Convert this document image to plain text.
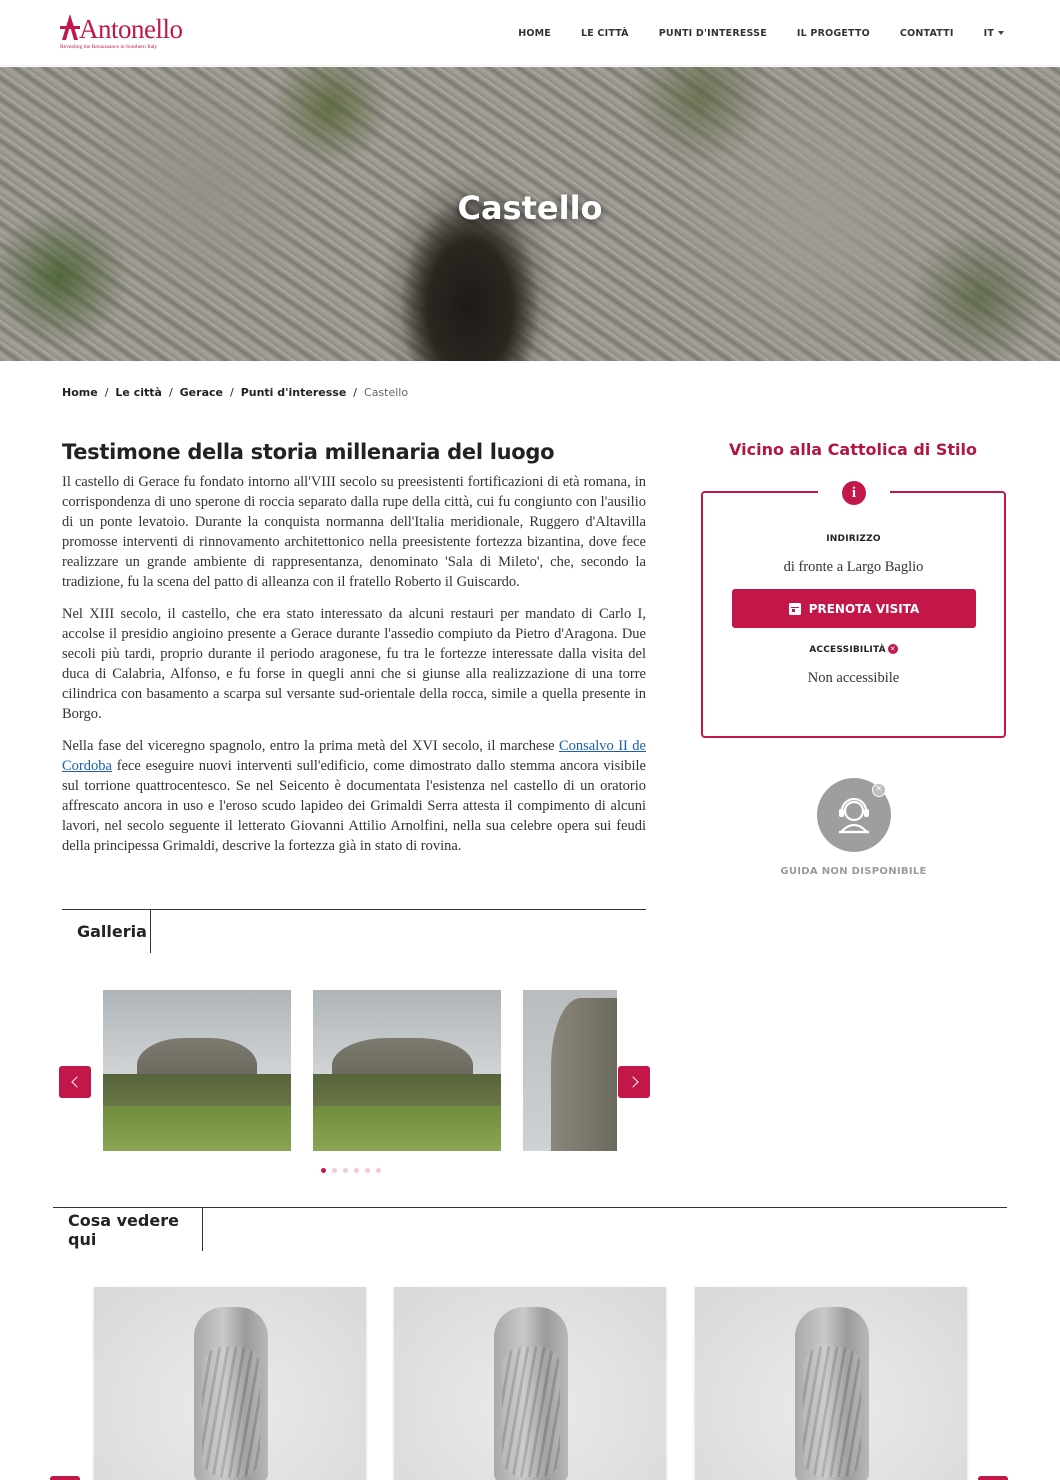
Antonello
Revealing the Renaissance in Southern Italy
HOME	LE CITTÀ	PUNTI D'INTERESSE	IL PROGETTO	CONTATTI	IT
Castello
Home / Le città / Gerace / Punti d'interesse / Castello
Testimone della storia millenaria del luogo

Il castello di Gerace fu fondato intorno all'VIII secolo su preesistenti fortificazioni di età romana, in corrispondenza di uno sperone di roccia separato dalla rupe della città, cui fu congiunto con l'ausilio di un ponte levatoio. Durante la conquista normanna dell'Italia meridionale, Ruggero d'Altavilla promosse interventi di rinnovamento architettonico nella preesistente fortezza bizantina, dove fece realizzare un grande ambiente di rappresentanza, denominato 'Sala di Mileto', che, secondo la tradizione, fu la scena del patto di alleanza con il fratello Roberto il Guiscardo.

Nel XIII secolo, il castello, che era stato interessato da alcuni restauri per mandato di Carlo I, accolse il presidio angioino presente a Gerace durante l'assedio compiuto da Pietro d'Aragona. Due secoli più tardi, proprio durante il periodo aragonese, fu tra le fortezze interessate dalla visita del duca di Calabria, Alfonso, e fu forse in quegli anni che si giunse alla realizzazione di una torre cilindrica con basamento a scarpa sul versante sud-orientale della rocca, simile a quella presente in Borgo.

Nella fase del viceregno spagnolo, entro la prima metà del XVI secolo, il marchese Consalvo II de Cordoba fece eseguire nuovi interventi sull'edificio, come dimostrato dallo stemma ancora visibile sul torrione quattrocentesco. Se nel Seicento è documentata l'esistenza nel castello di un oratorio affrescato ancora in uso e l'eroso scudo lapideo dei Grimaldi Serra attesta il compimento di alcuni lavori, nel secolo seguente il letterato Giovanni Attilio Arnolfini, nella sua celebre opera sui feudi della principessa Grimaldi, descrive la fortezza già in stato di rovina.

Galleria
Vicino alla Cattolica di Stilo
i
INDIRIZZO
di fronte a Largo Baglio
PRENOTA VISITA
ACCESSIBILITÀ ✕
Non accessibile
×
GUIDA NON DISPONIBILE
Cosa vedere qui
